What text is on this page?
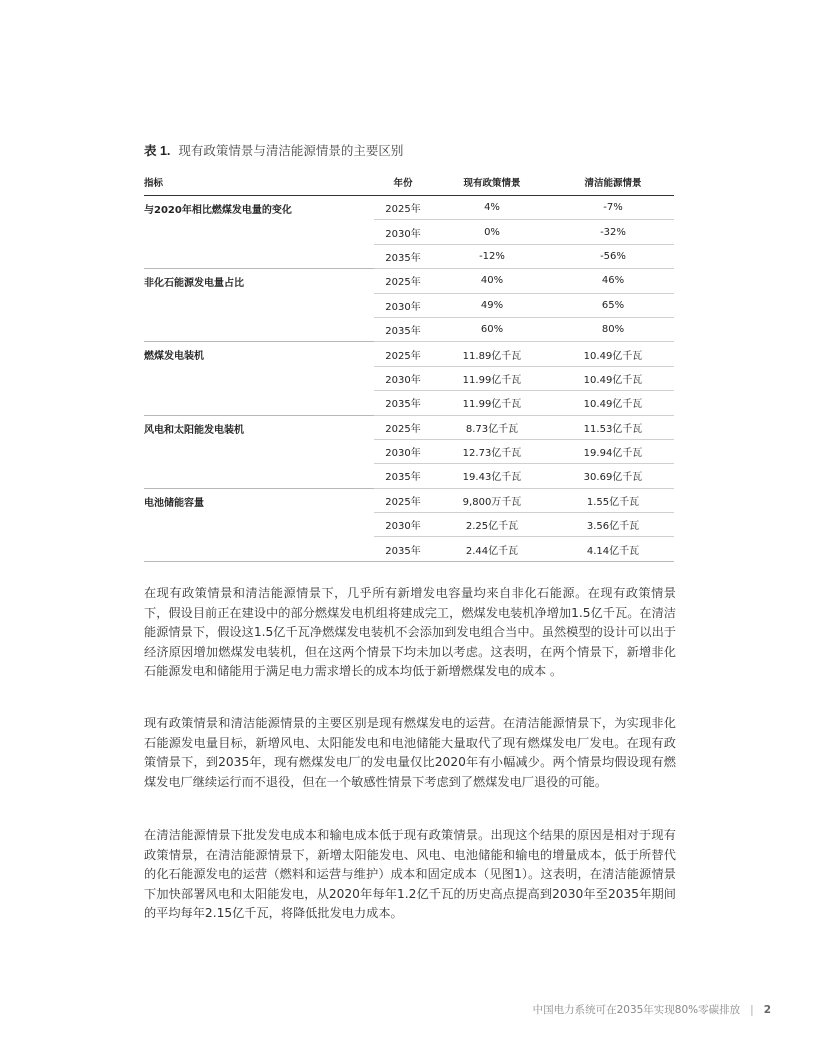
表 1. 现有政策情景与清洁能源情景的主要区别
指标	年份	现有政策情景	清洁能源情景
与2020年相比燃煤发电量的变化	2025年	4%	-7%
	2030年	0%	-32%
	2035年	-12%	-56%
非化石能源发电量占比	2025年	40%	46%
	2030年	49%	65%
	2035年	60%	80%
燃煤发电装机	2025年	11.89亿千瓦	10.49亿千瓦
	2030年	11.99亿千瓦	10.49亿千瓦
	2035年	11.99亿千瓦	10.49亿千瓦
风电和太阳能发电装机	2025年	8.73亿千瓦	11.53亿千瓦
	2030年	12.73亿千瓦	19.94亿千瓦
	2035年	19.43亿千瓦	30.69亿千瓦
电池储能容量	2025年	9,800万千瓦	1.55亿千瓦
	2030年	2.25亿千瓦	3.56亿千瓦
	2035年	2.44亿千瓦	4.14亿千瓦

在现有政策情景和清洁能源情景下，几乎所有新增发电容量均来自非化石能源。在现有政策情景下，假设目前正在建设中的部分燃煤发电机组将建成完工，燃煤发电装机净增加1.5亿千瓦。在清洁能源情景下，假设这1.5亿千瓦净燃煤发电装机不会添加到发电组合当中。虽然模型的设计可以出于经济原因增加燃煤发电装机，但在这两个情景下均未加以考虑。这表明，在两个情景下，新增非化石能源发电和储能用于满足电力需求增长的成本均低于新增燃煤发电的成本 。

现有政策情景和清洁能源情景的主要区别是现有燃煤发电的运营。在清洁能源情景下，为实现非化石能源发电量目标，新增风电、太阳能发电和电池储能大量取代了现有燃煤发电厂发电。在现有政策情景下，到2035年，现有燃煤发电厂的发电量仅比2020年有小幅减少。两个情景均假设现有燃煤发电厂继续运行而不退役，但在一个敏感性情景下考虑到了燃煤发电厂退役的可能。

在清洁能源情景下批发发电成本和输电成本低于现有政策情景。出现这个结果的原因是相对于现有政策情景，在清洁能源情景下，新增太阳能发电、风电、电池储能和输电的增量成本，低于所替代的化石能源发电的运营（燃料和运营与维护）成本和固定成本（见图1）。这表明，在清洁能源情景下加快部署风电和太阳能发电，从2020年每年1.2亿千瓦的历史高点提高到2030年至2035年期间的平均每年2.15亿千瓦，将降低批发电力成本。

中国电力系统可在2035年实现80%零碳排放 | 2
